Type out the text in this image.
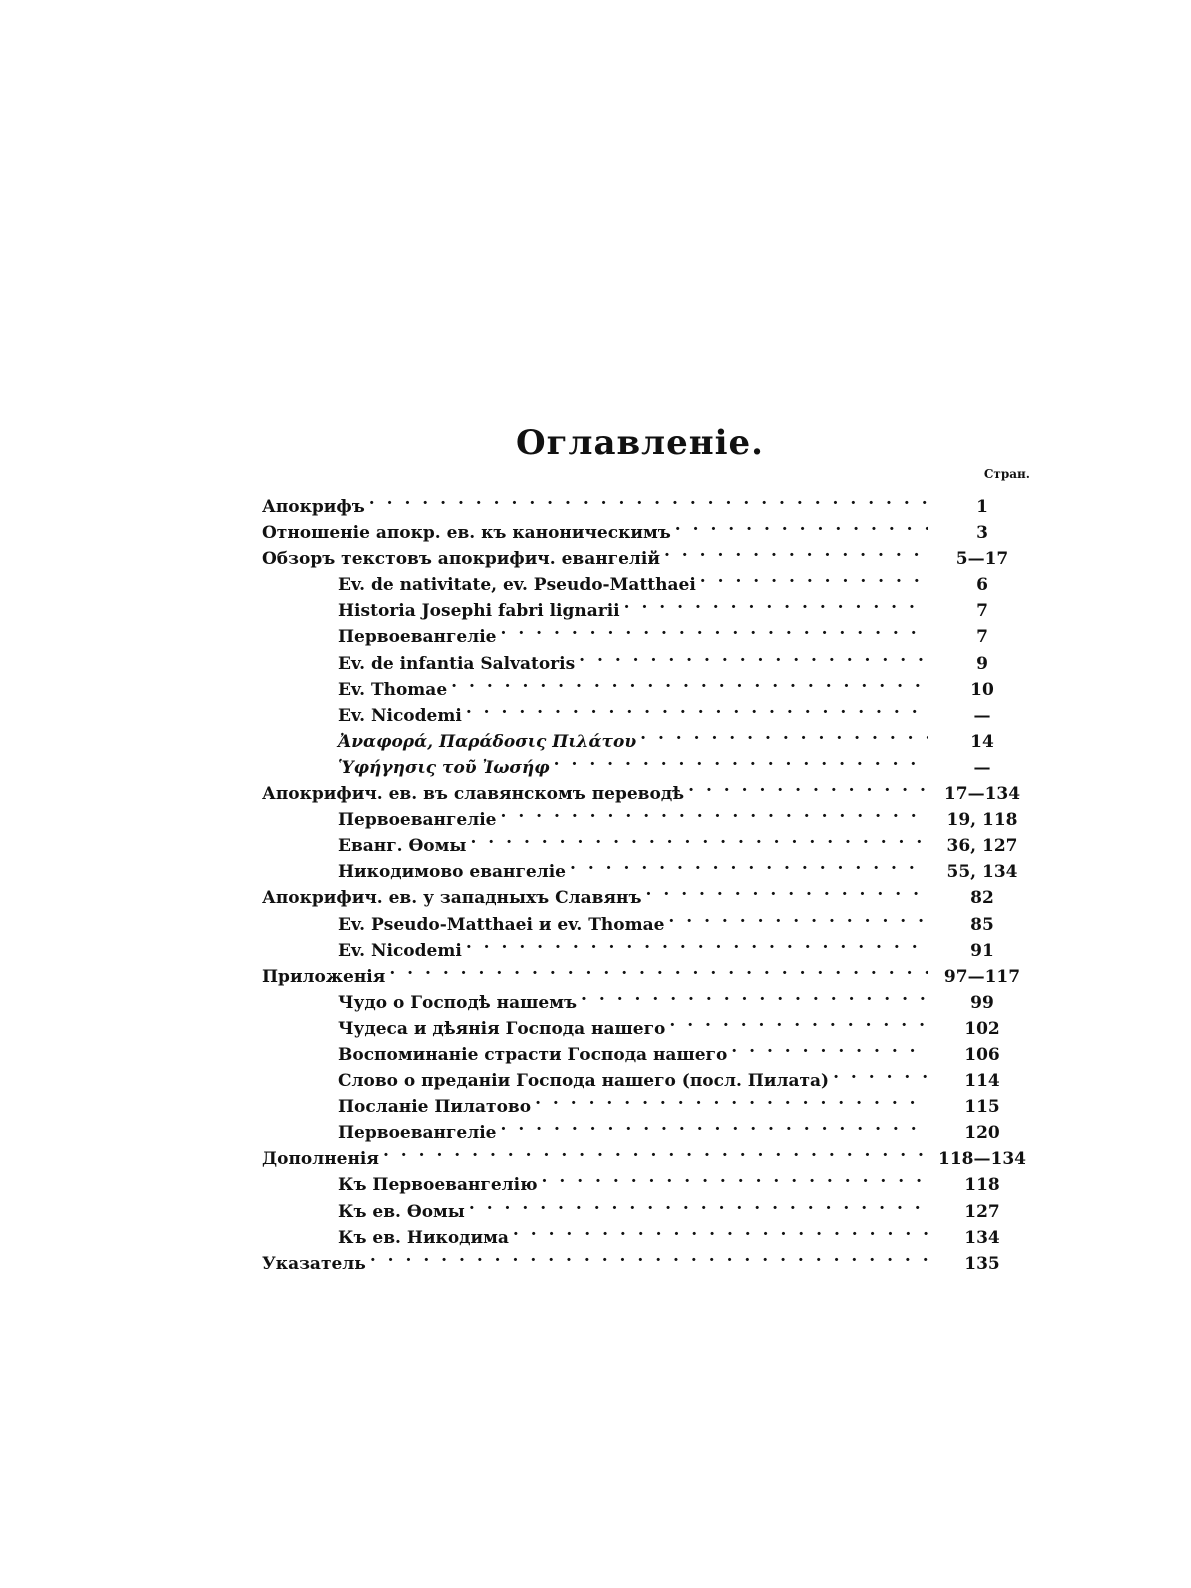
Оглавленіе.
Стран.
Апокрифъ . . .	1
Отношеніе апокр. ев. къ каноническимъ . . .	3
Обзоръ текстовъ апокрифич. евангелій . . .	5—17
Ev. de nativitate, ev. Pseudo-Matthaei . . .	6
Historia Josephi fabri lignarii . . .	7
Первоевангеліе . . .	7
Ev. de infantia Salvatoris . . .	9
Ev. Thomae . . .	10
Ev. Nicodemi . . .	—
Ἀναφορά, Παράδοσις Πιλάτου . . .	14
Ὑφήγησις τοῦ Ἰωσήφ . . .	—
Апокрифич. ев. въ славянскомъ переводѣ . . .	17—134
Первоевангеліе . . .	19, 118
Еванг. Ѳомы . . .	36, 127
Никодимово евангеліе . . .	55, 134
Апокрифич. ев. у западныхъ Славянъ . . .	82
Ev. Pseudo-Matthaei и ev. Thomae . . .	85
Ev. Nicodemi . . .	91
Приложенія . . .	97—117
Чудо о Господѣ нашемъ . . .	99
Чудеса и дѣянія Господа нашего . . .	102
Воспоминаніе страсти Господа нашего . . .	106
Слово о преданіи Господа нашего (посл. Пилата) . . .	114
Посланіе Пилатово . . .	115
Первоевангеліе . . .	120
Дополненія . . .	118—134
Къ Первоевангелію . . .	118
Къ ев. Ѳомы . . .	127
Къ ев. Никодима . . .	134
Указатель . . .	135
